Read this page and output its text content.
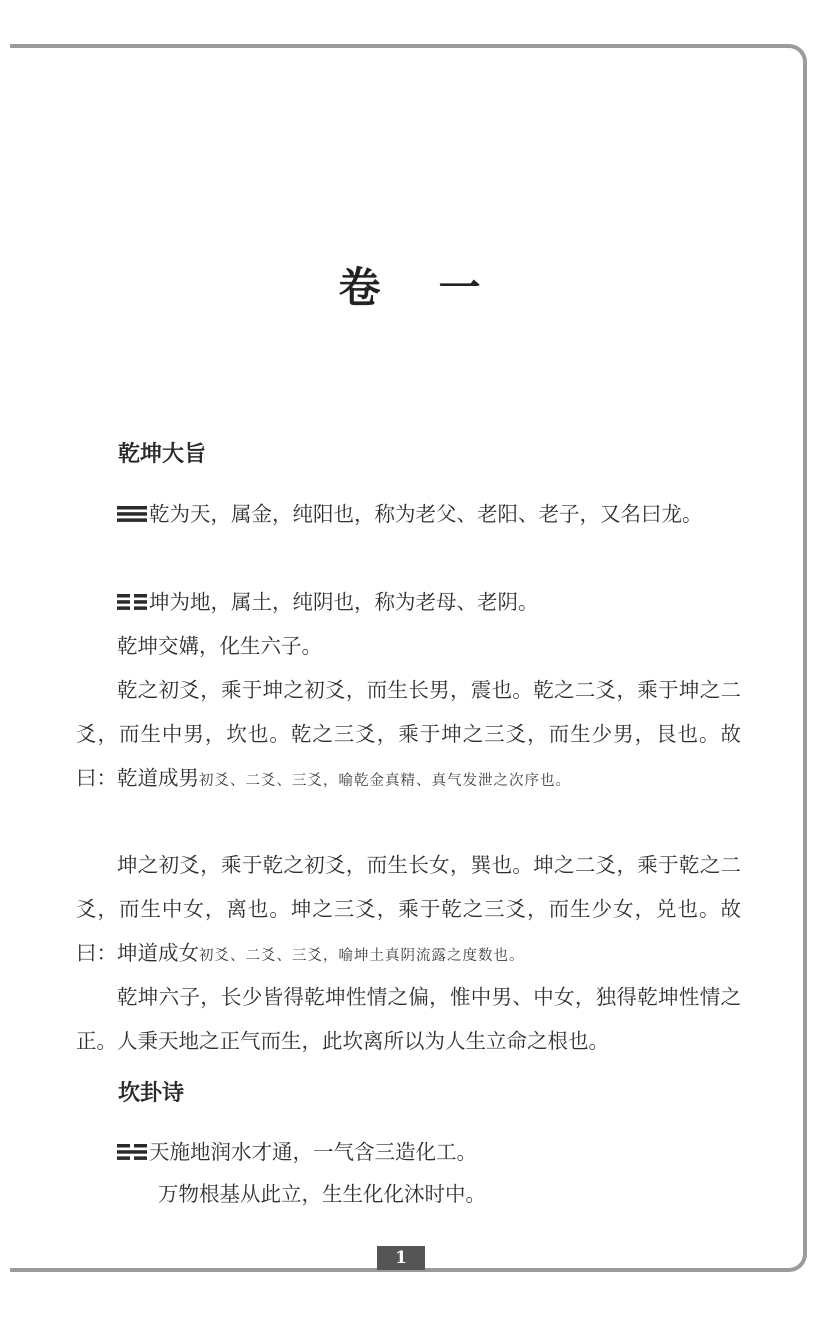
卷一
乾坤大旨
乾为天，属金，纯阳也，称为老父、老阳、老子，又名曰龙。
坤为地，属土，纯阴也，称为老母、老阴。
乾坤交媾，化生六子。
乾之初爻，乘于坤之初爻，而生长男，震也。乾之二爻，乘于坤之二爻，而生中男，坎也。乾之三爻，乘于坤之三爻，而生少男，艮也。故曰：乾道成男初爻、二爻、三爻，喻乾金真精、真气发泄之次序也。
坤之初爻，乘于乾之初爻，而生长女，巽也。坤之二爻，乘于乾之二爻，而生中女，离也。坤之三爻，乘于乾之三爻，而生少女，兑也。故曰：坤道成女初爻、二爻、三爻，喻坤土真阴流露之度数也。
乾坤六子，长少皆得乾坤性情之偏，惟中男、中女，独得乾坤性情之正。人秉天地之正气而生，此坎离所以为人生立命之根也。
坎卦诗
天施地润水才通，一气含三造化工。
万物根基从此立，生生化化沐时中。
1
